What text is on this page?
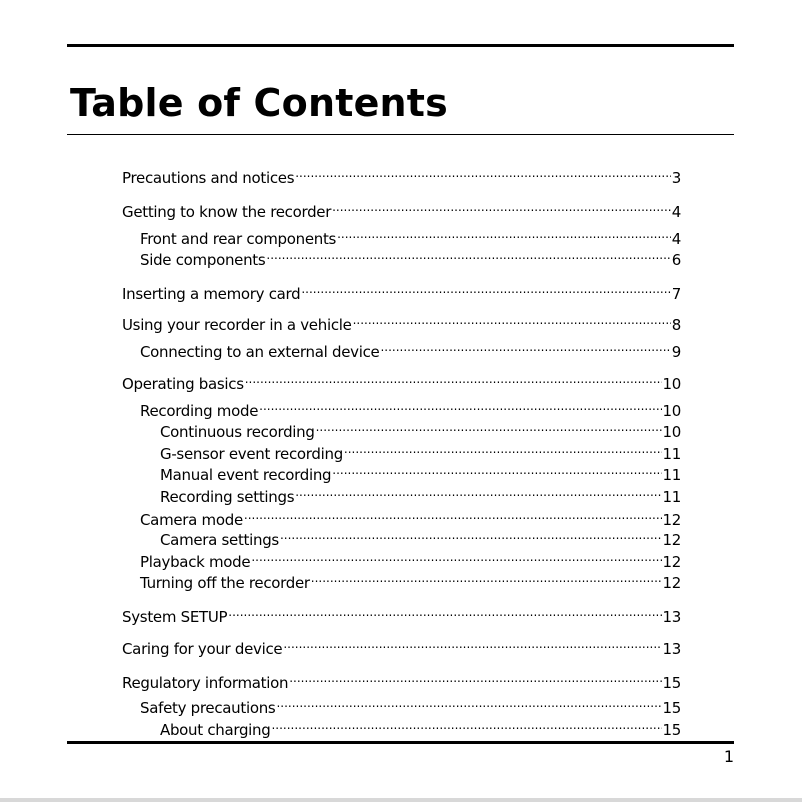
Table of Contents
Precautions and notices .....	3
Getting to know the recorder .....	4
Front and rear components .....	4
Side components .....	6
Inserting a memory card .....	7
Using your recorder in a vehicle .....	8
Connecting to an external device .....	9
Operating basics .....	10
Recording mode .....	10
Continuous recording .....	10
G-sensor event recording .....	11
Manual event recording .....	11
Recording settings .....	11
Camera mode .....	12
Camera settings .....	12
Playback mode .....	12
Turning off the recorder .....	12
System SETUP .....	13
Caring for your device .....	13
Regulatory information .....	15
Safety precautions .....	15
About charging .....	15
1
